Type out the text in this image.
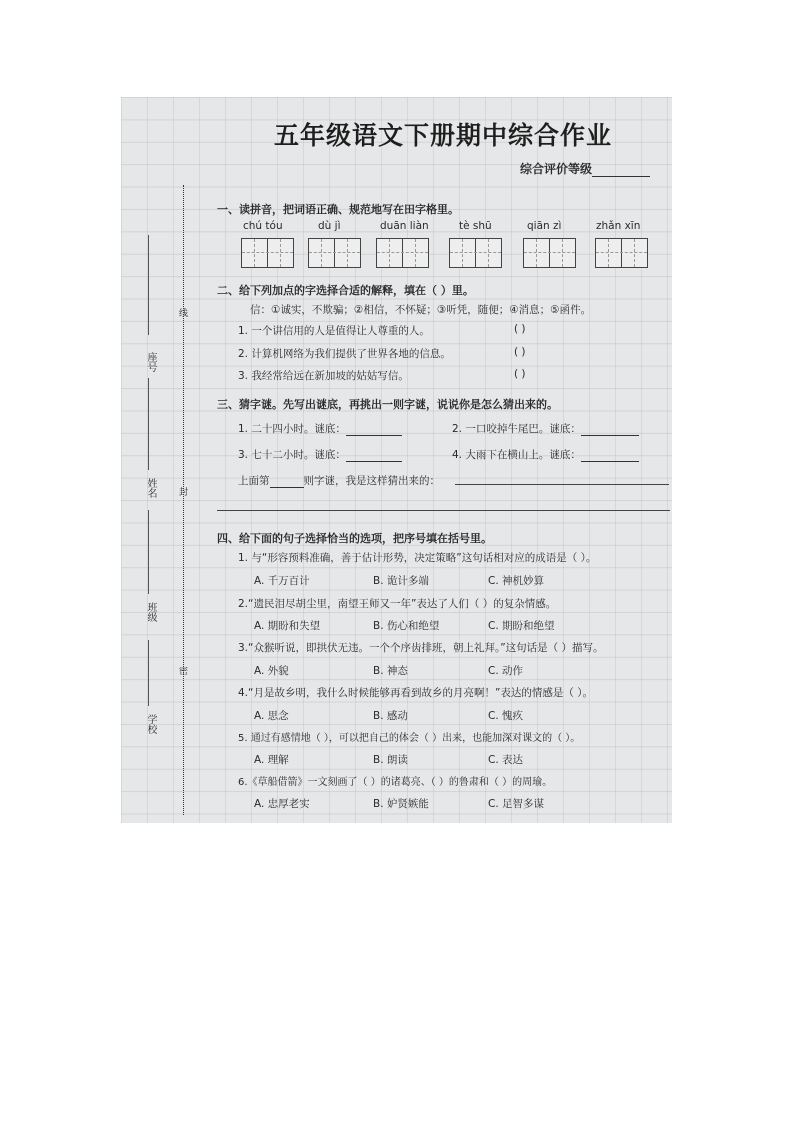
五年级语文下册期中综合作业
综合评价等级
座号
姓名
班级
学校
线
封
密
一、读拼音，把词语正确、规范地写在田字格里。
chú tóu	dù jì	duān liàn	tè shū	qiān zì	zhǎn xīn
二、给下列加点的字选择合适的解释，填在（ ）里。
信：①诚实，不欺骗；②相信，不怀疑；③听凭，随便；④消息；⑤函件。
1. 一个讲信用的人是值得让人尊重的人。	( )
2. 计算机网络为我们提供了世界各地的信息。	( )
3. 我经常给远在新加坡的姑姑写信。	( )
三、猜字谜。先写出谜底，再挑出一则字谜，说说你是怎么猜出来的。
1. 二十四小时。谜底：	2. 一口咬掉牛尾巴。谜底：
3. 七十二小时。谜底：	4. 大雨下在横山上。谜底：
上面第	则字谜，我是这样猜出来的：
四、给下面的句子选择恰当的选项，把序号填在括号里。
1. 与“形容预料准确，善于估计形势，决定策略”这句话相对应的成语是（ ）。
A. 千万百计	B. 诡计多端	C. 神机妙算
2.“遗民泪尽胡尘里，南望王师又一年”表达了人们（ ）的复杂情感。
A. 期盼和失望	B. 伤心和绝望	C. 期盼和绝望
3.“众猴听说，即拱伏无违。一个个序齿排班，朝上礼拜。”这句话是（ ）描写。
A. 外貌	B. 神态	C. 动作
4.“月是故乡明，我什么时候能够再看到故乡的月亮啊！”表达的情感是（ ）。
A. 思念	B. 感动	C. 愧疚
5. 通过有感情地（ ），可以把自己的体会（ ）出来，也能加深对课文的（ ）。
A. 理解	B. 朗读	C. 表达
6.《草船借箭》一文刻画了（ ）的诸葛亮、（ ）的鲁肃和（ ）的周瑜。
A. 忠厚老实	B. 妒贤嫉能	C. 足智多谋
